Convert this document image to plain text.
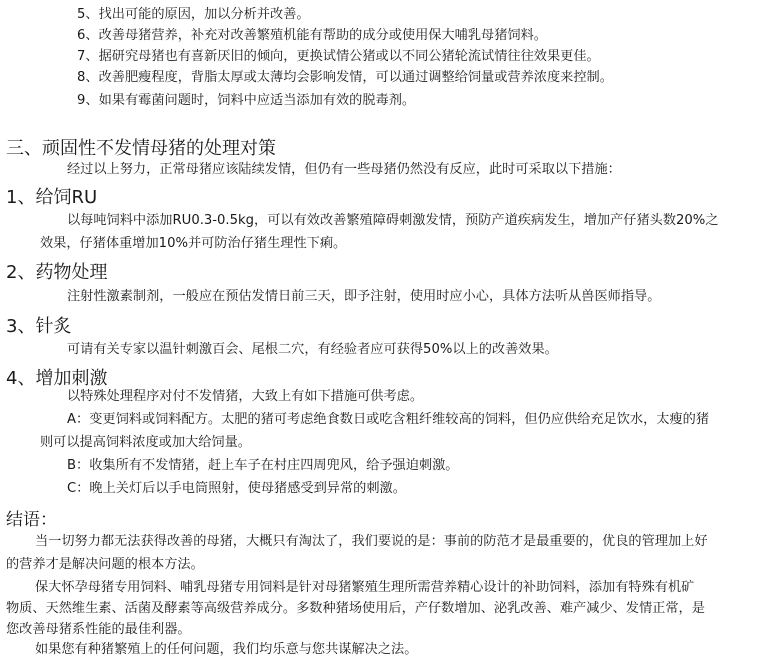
5、找出可能的原因，加以分析并改善。
6、改善母猪营养，补充对改善繁殖机能有帮助的成分或使用保大哺乳母猪饲料。
7、据研究母猪也有喜新厌旧的倾向，更换试情公猪或以不同公猪轮流试情往往效果更佳。
8、改善肥瘦程度，背脂太厚或太薄均会影响发情，可以通过调整给饲量或营养浓度来控制。
9、如果有霉菌问题时，饲料中应适当添加有效的脱毒剂。
三、顽固性不发情母猪的处理对策
经过以上努力，正常母猪应该陆续发情，但仍有一些母猪仍然没有反应，此时可采取以下措施：
1、给饲RU
以每吨饲料中添加RU0.3-0.5kg，可以有效改善繁殖障碍刺激发情，预防产道疾病发生，增加产仔猪头数20%之
效果，仔猪体重增加10%并可防治仔猪生理性下痢。
2、药物处理
注射性激素制剂，一般应在预估发情日前三天，即予注射，使用时应小心，具体方法听从兽医师指导。
3、针炙
可请有关专家以温针刺激百会、尾根二穴，有经验者应可获得50%以上的改善效果。
4、增加刺激
以特殊处理程序对付不发情猪，大致上有如下措施可供考虑。
A：变更饲料或饲料配方。太肥的猪可考虑绝食数日或吃含粗纤维较高的饲料，但仍应供给充足饮水，太瘦的猪
则可以提高饲料浓度或加大给饲量。
B：收集所有不发情猪，赶上车子在村庄四周兜风，给予强迫刺激。
C：晚上关灯后以手电筒照射，使母猪感受到异常的刺激。
结语：
当一切努力都无法获得改善的母猪，大概只有淘汰了，我们要说的是：事前的防范才是最重要的，优良的管理加上好
的营养才是解决问题的根本方法。
保大怀孕母猪专用饲料、哺乳母猪专用饲料是针对母猪繁殖生理所需营养精心设计的补助饲料，添加有特殊有机矿
物质、天然维生素、活菌及酵素等高级营养成分。多数种猪场使用后，产仔数增加、泌乳改善、难产减少、发情正常，是
您改善母猪系性能的最佳利器。
如果您有种猪繁殖上的任何问题，我们均乐意与您共谋解决之法。
